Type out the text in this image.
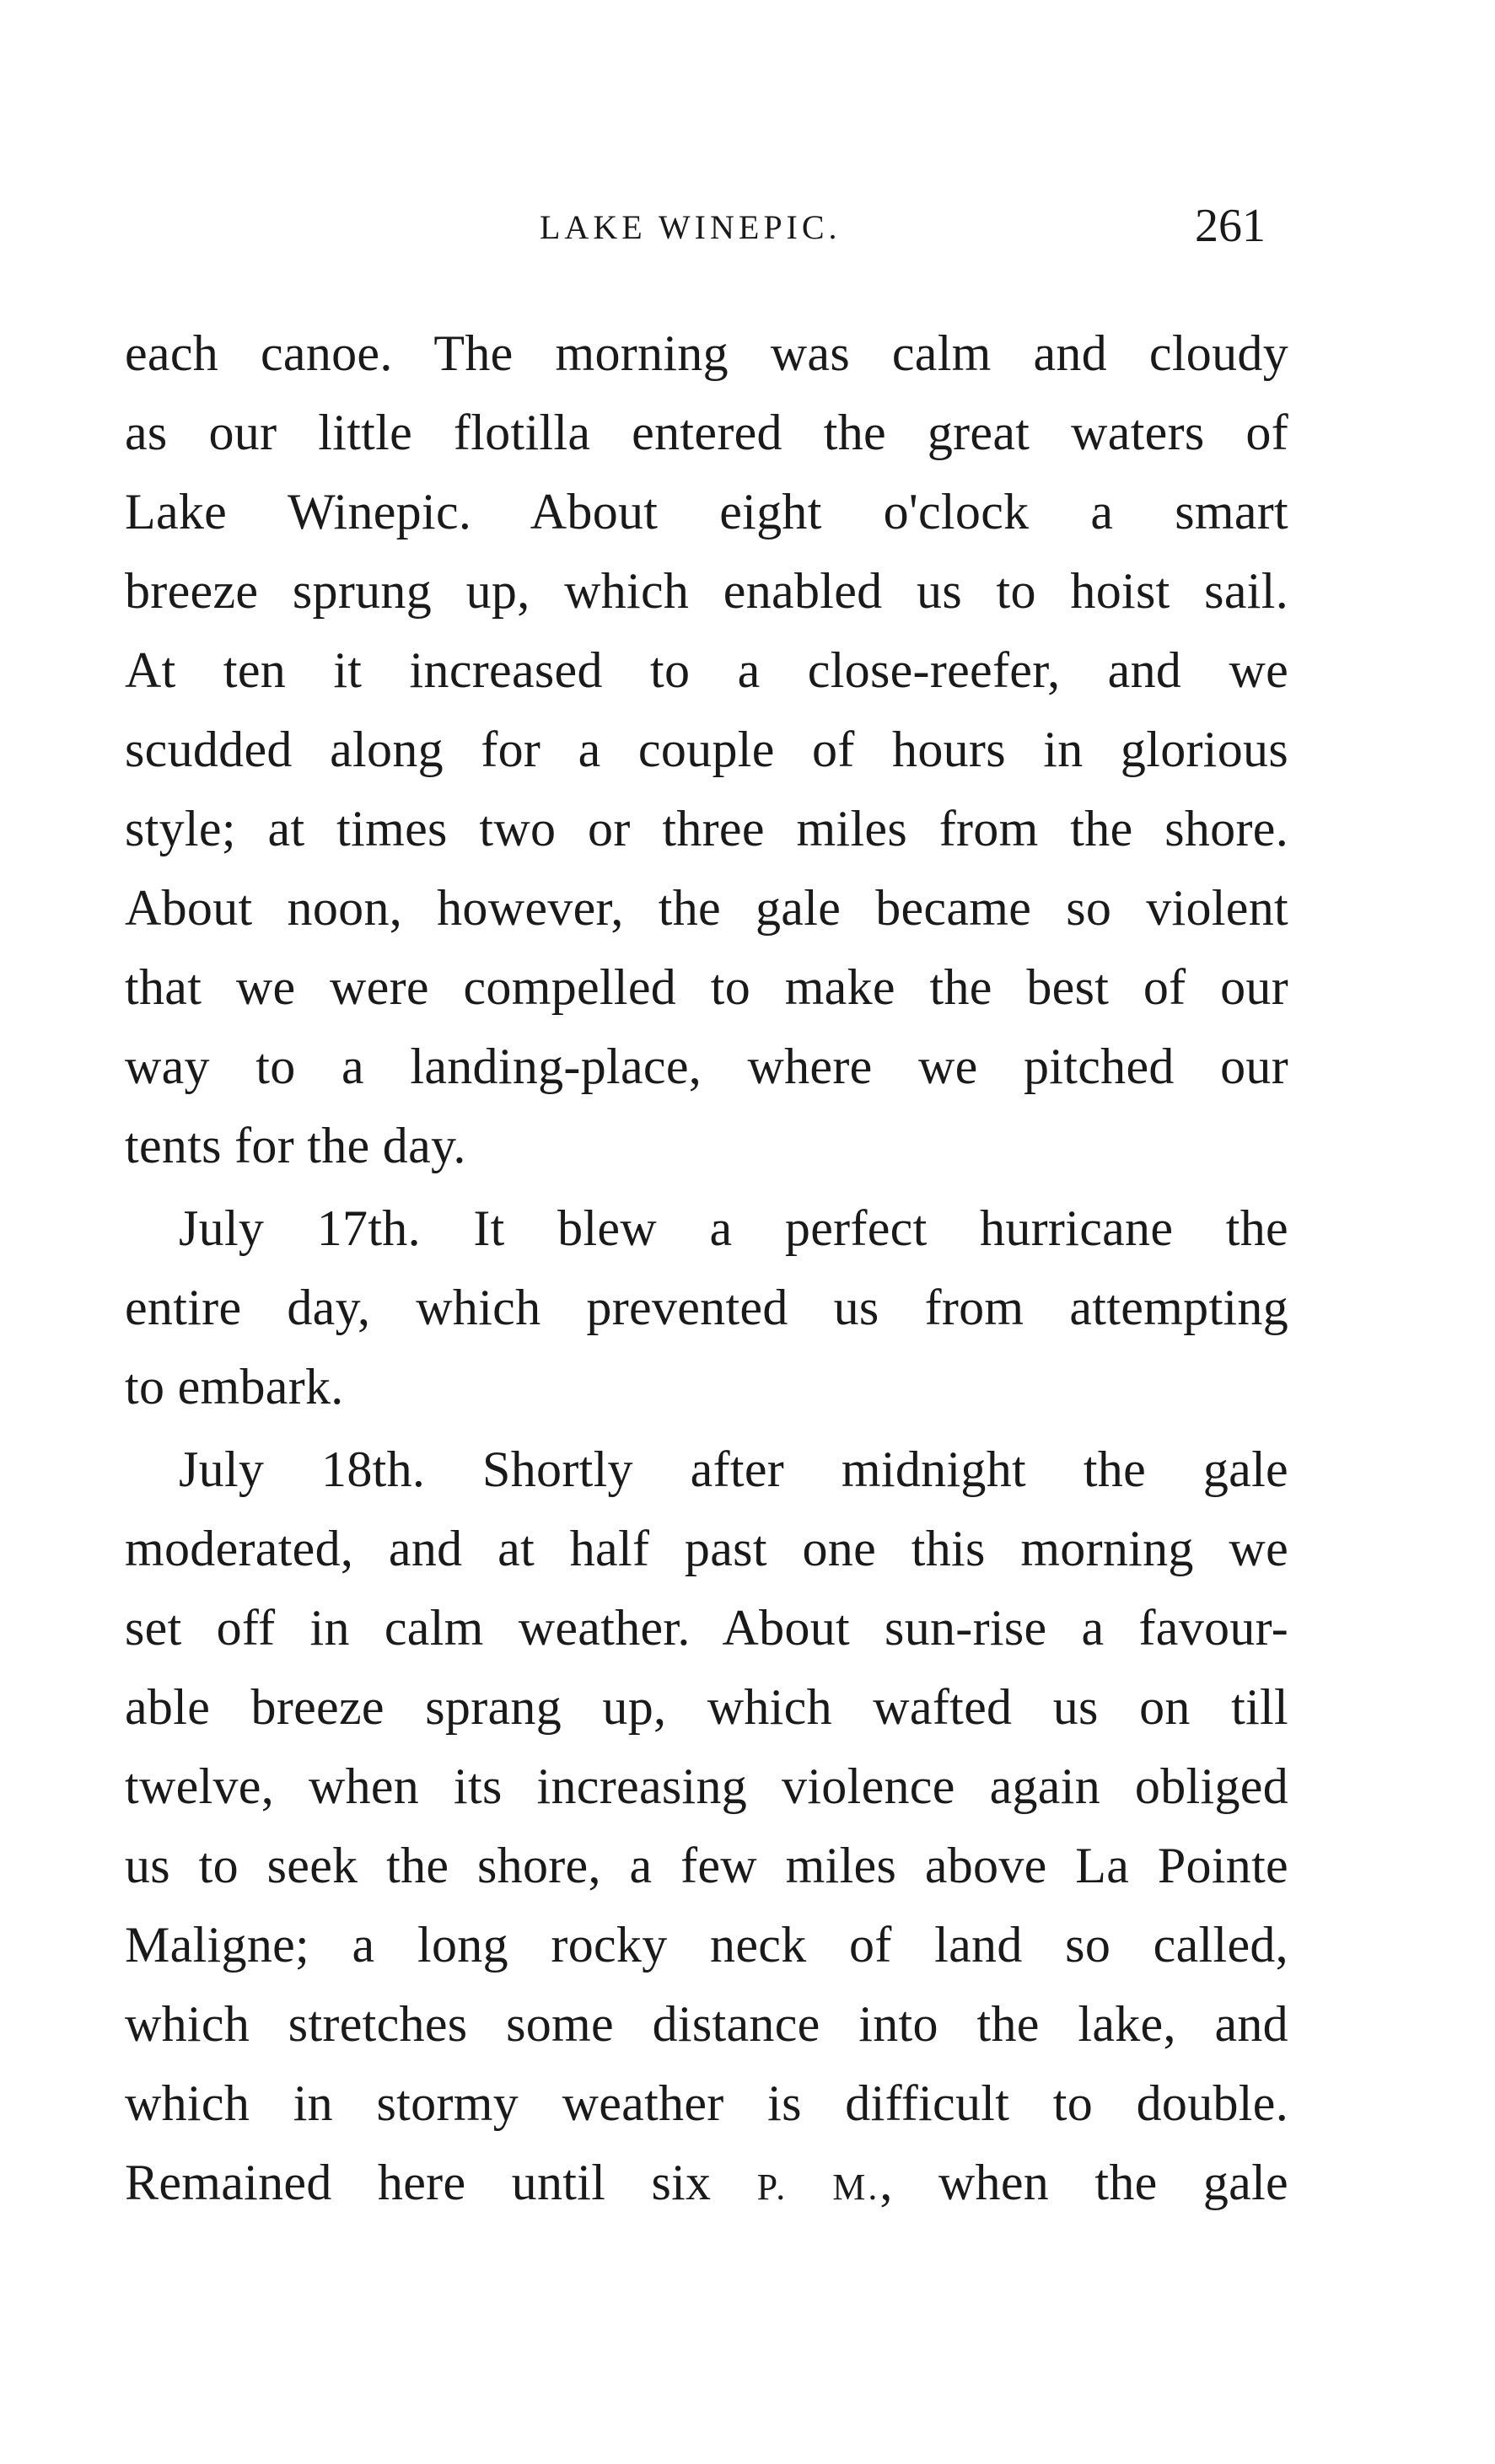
LAKE WINEPIC.	261
each canoe. The morning was calm and cloudy
as our little flotilla entered the great waters of
Lake Winepic. About eight o'clock a smart
breeze sprung up, which enabled us to hoist sail.
At ten it increased to a close-reefer, and we
scudded along for a couple of hours in glorious
style; at times two or three miles from the shore.
About noon, however, the gale became so violent
that we were compelled to make the best of our
way to a landing-place, where we pitched our
tents for the day.
July 17th. It blew a perfect hurricane the
entire day, which prevented us from attempting
to embark.
July 18th. Shortly after midnight the gale
moderated, and at half past one this morning we
set off in calm weather. About sun-rise a favour-
able breeze sprang up, which wafted us on till
twelve, when its increasing violence again obliged
us to seek the shore, a few miles above La Pointe
Maligne; a long rocky neck of land so called,
which stretches some distance into the lake, and
which in stormy weather is difficult to double.
Remained here until six P. M., when the gale
